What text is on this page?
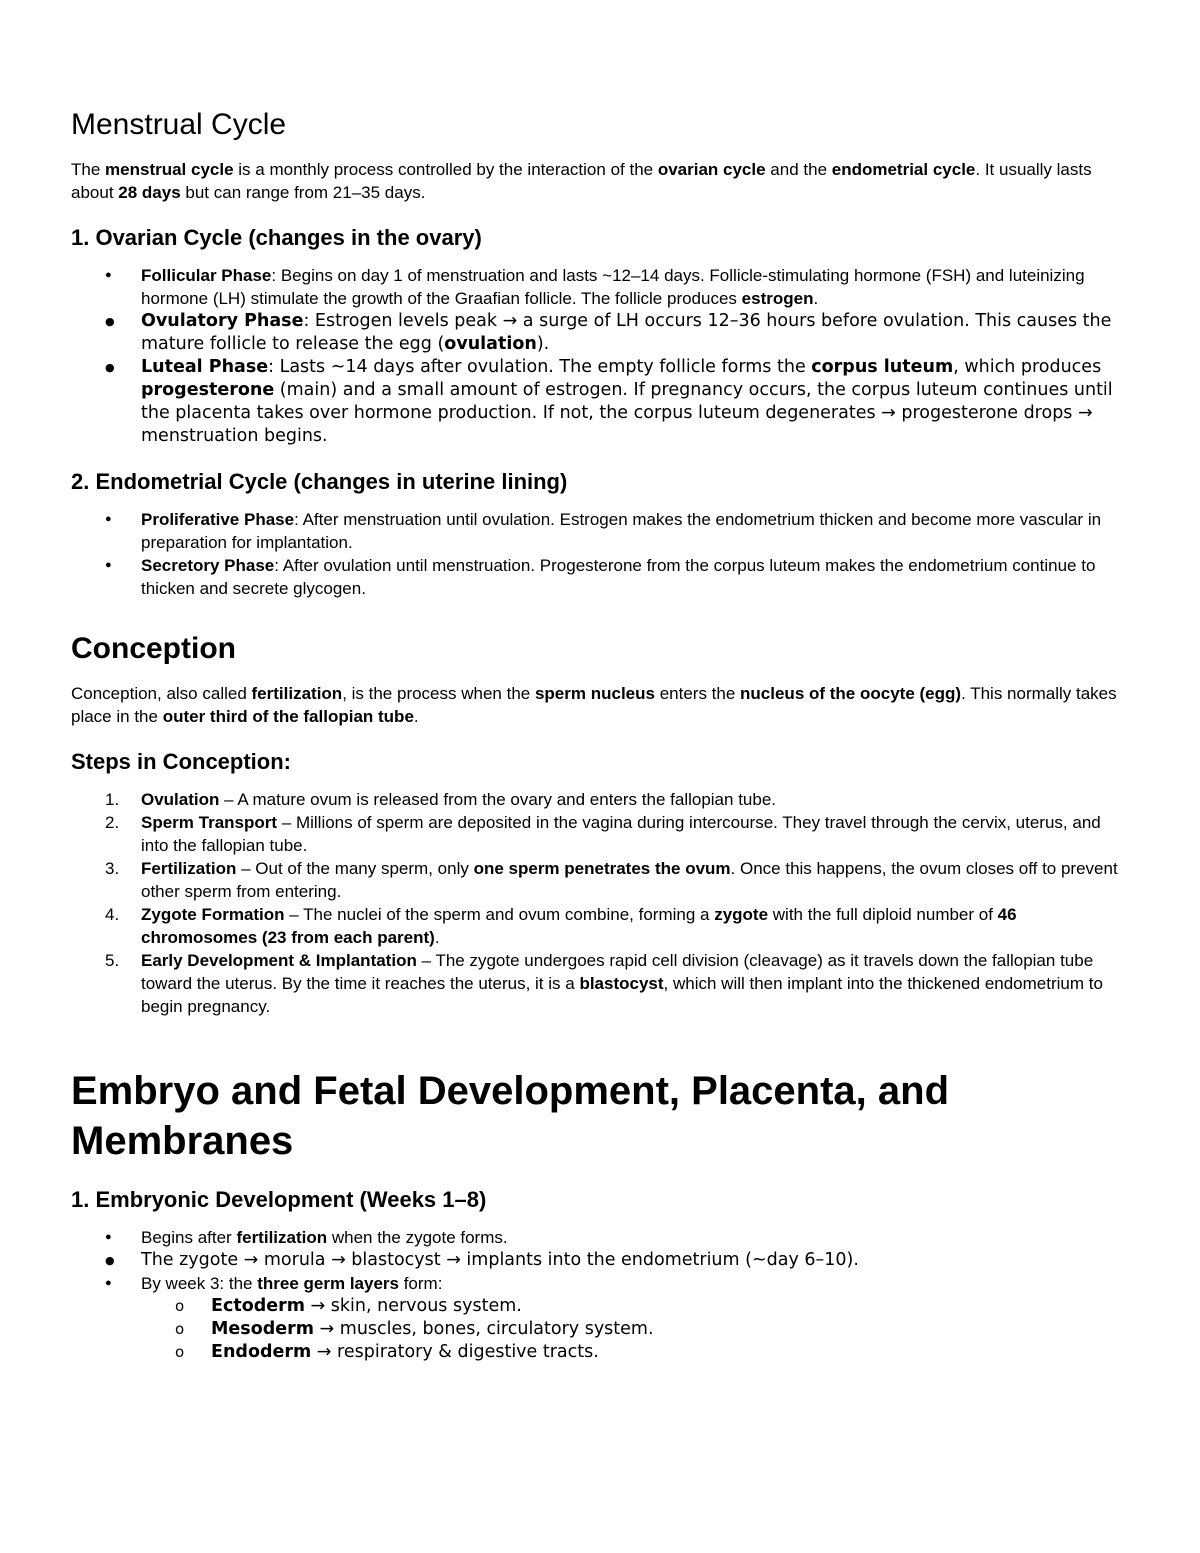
Menstrual Cycle

The menstrual cycle is a monthly process controlled by the interaction of the ovarian cycle and the endometrial cycle. It usually lasts about 28 days but can range from 21–35 days.

1. Ovarian Cycle (changes in the ovary)
● Follicular Phase: Begins on day 1 of menstruation and lasts ~12–14 days. Follicle-stimulating hormone (FSH) and luteinizing hormone (LH) stimulate the growth of the Graafian follicle. The follicle produces estrogen.
● Ovulatory Phase: Estrogen levels peak → a surge of LH occurs 12–36 hours before ovulation. This causes the mature follicle to release the egg (ovulation).
● Luteal Phase: Lasts ~14 days after ovulation. The empty follicle forms the corpus luteum, which produces progesterone (main) and a small amount of estrogen. If pregnancy occurs, the corpus luteum continues until the placenta takes over hormone production. If not, the corpus luteum degenerates → progesterone drops → menstruation begins.
2. Endometrial Cycle (changes in uterine lining)
● Proliferative Phase: After menstruation until ovulation. Estrogen makes the endometrium thicken and become more vascular in preparation for implantation.
● Secretory Phase: After ovulation until menstruation. Progesterone from the corpus luteum makes the endometrium continue to thicken and secrete glycogen.
Conception

Conception, also called fertilization, is the process when the sperm nucleus enters the nucleus of the oocyte (egg). This normally takes place in the outer third of the fallopian tube.

Steps in Conception:
1. Ovulation – A mature ovum is released from the ovary and enters the fallopian tube.
2. Sperm Transport – Millions of sperm are deposited in the vagina during intercourse. They travel through the cervix, uterus, and into the fallopian tube.
3. Fertilization – Out of the many sperm, only one sperm penetrates the ovum. Once this happens, the ovum closes off to prevent other sperm from entering.
4. Zygote Formation – The nuclei of the sperm and ovum combine, forming a zygote with the full diploid number of 46 chromosomes (23 from each parent).
5. Early Development & Implantation – The zygote undergoes rapid cell division (cleavage) as it travels down the fallopian tube toward the uterus. By the time it reaches the uterus, it is a blastocyst, which will then implant into the thickened endometrium to begin pregnancy.
Embryo and Fetal Development, Placenta, and Membranes
1. Embryonic Development (Weeks 1–8)
● Begins after fertilization when the zygote forms.
● The zygote → morula → blastocyst → implants into the endometrium (~day 6–10).
● By week 3: the three germ layers form:
o Ectoderm → skin, nervous system.
o Mesoderm → muscles, bones, circulatory system.
o Endoderm → respiratory & digestive tracts.
